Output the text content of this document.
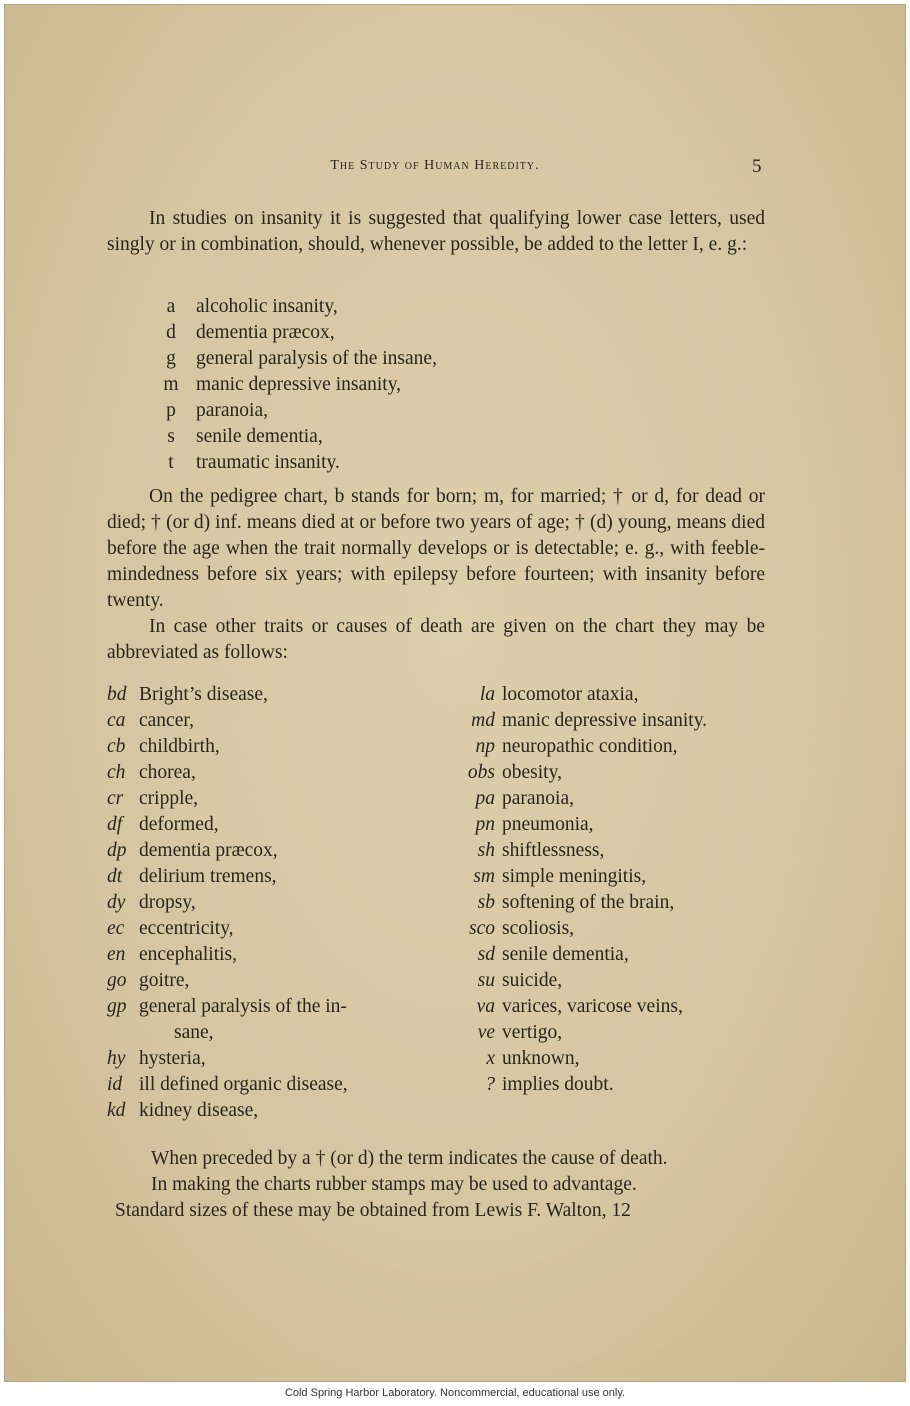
The Study of Human Heredity.	5

In studies on insanity it is suggested that qualifying lower case letters, used singly or in combination, should, whenever possible, be added to the letter I, e. g.:

a alcoholic insanity,
d dementia præcox,
g general paralysis of the insane,
m manic depressive insanity,
p paranoia,
s senile dementia,
t traumatic insanity.

On the pedigree chart, b stands for born; m, for married; † or d, for dead or died; † (or d) inf. means died at or before two years of age; † (d) young, means died before the age when the trait normally develops or is detectable; e. g., with feeble-mindedness before six years; with epilepsy before fourteen; with insanity before twenty.

In case other traits or causes of death are given on the chart they may be abbreviated as follows:

bd Bright’s disease,
ca cancer,
cb childbirth,
ch chorea,
cr cripple,
df deformed,
dp dementia præcox,
dt delirium tremens,
dy dropsy,
ec eccentricity,
en encephalitis,
go goitre,
gp general paralysis of the in-
sane,
hy hysteria,
id ill defined organic disease,
kd kidney disease,
la locomotor ataxia,
md manic depressive insanity.
np neuropathic condition,
obs obesity,
pa paranoia,
pn pneumonia,
sh shiftlessness,
sm simple meningitis,
sb softening of the brain,
sco scoliosis,
sd senile dementia,
su suicide,
va varices, varicose veins,
ve vertigo,
x unknown,
? implies doubt.
When preceded by a † (or d) the term indicates the cause of death.
In making the charts rubber stamps may be used to advantage.
Standard sizes of these may be obtained from Lewis F. Walton, 12
Cold Spring Harbor Laboratory. Noncommercial, educational use only.
